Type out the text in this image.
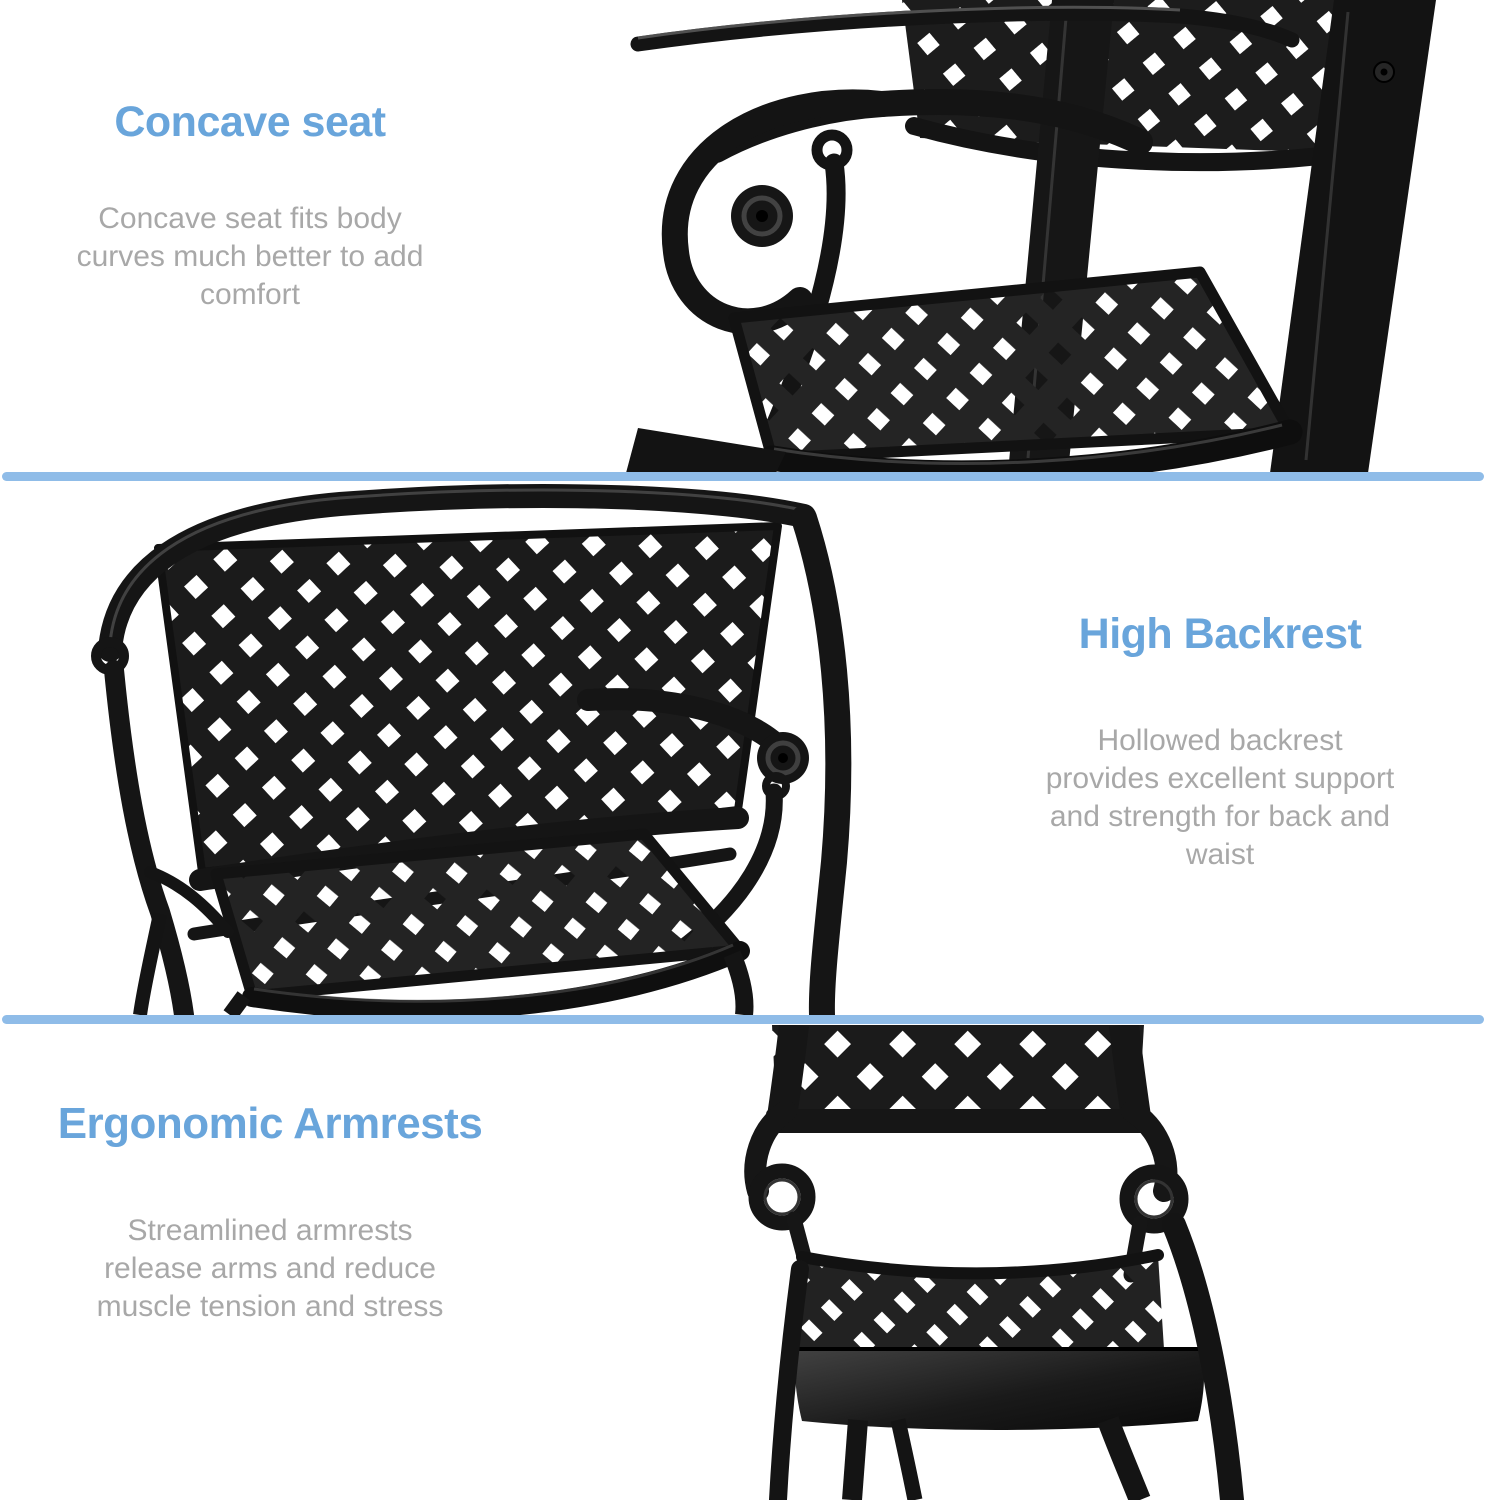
Concave seat
Concave seat fits body
curves much better to add
comfort
High Backrest
Hollowed backrest
provides excellent support
and strength for back and
waist
Ergonomic Armrests
Streamlined armrests
release arms and reduce
muscle tension and stress
